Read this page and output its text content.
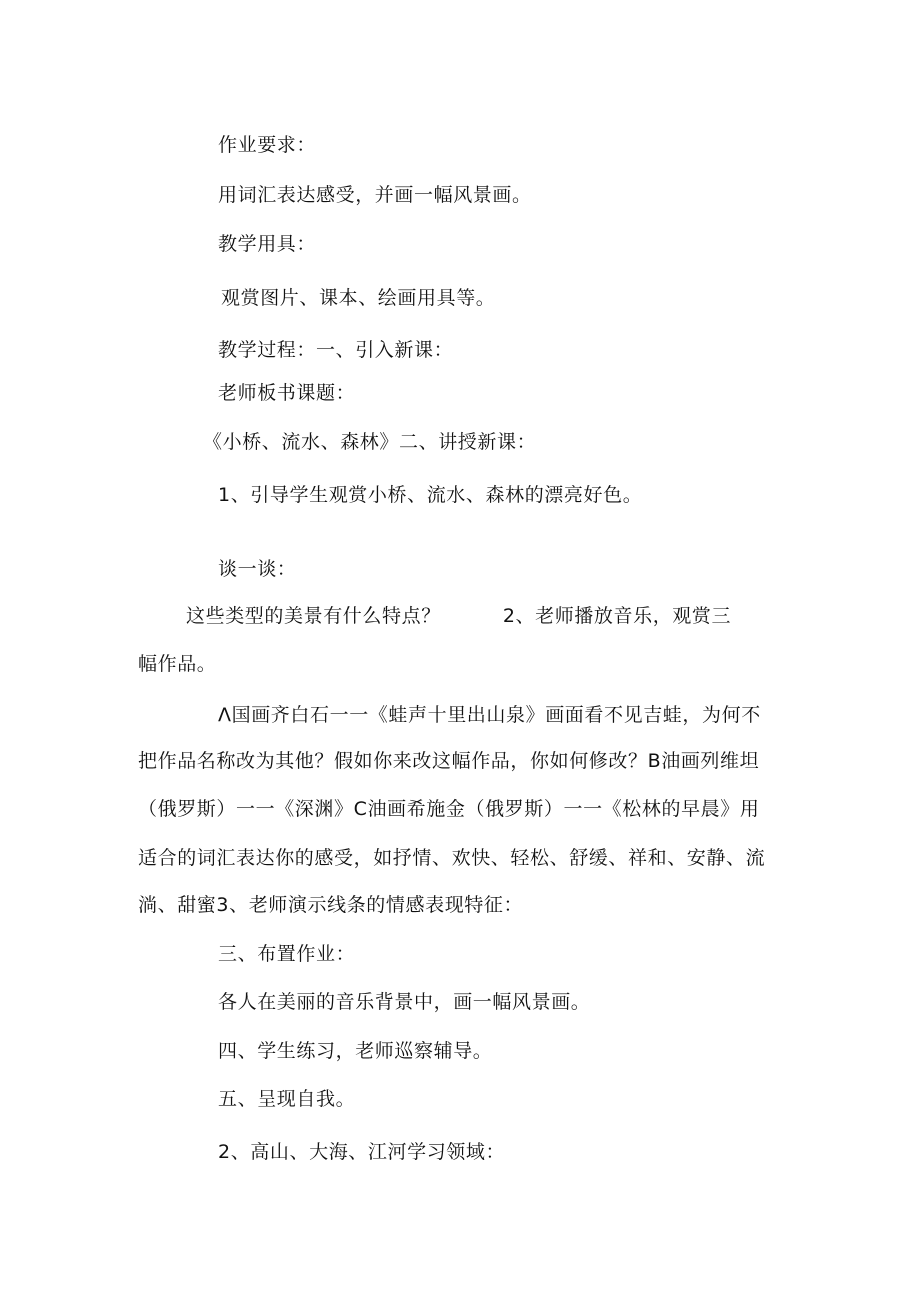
作业要求：
用词汇表达感受，并画一幅风景画。
教学用具：
观赏图片、课本、绘画用具等。
教学过程：一、引入新课：
老师板书课题：
《小桥、流水、森林》二、讲授新课：
1、引导学生观赏小桥、流水、森林的漂亮好色。
谈一谈：
这些类型的美景有什么特点？	2、老师播放音乐，观赏三
幅作品。
Λ国画齐白石一一《蛙声十里出山泉》画面看不见吉蛙，为何不
把作品名称改为其他？假如你来改这幅作品，你如何修改？B油画列维坦
（俄罗斯）一一《深渊》C油画希施金（俄罗斯）一一《松林的早晨》用
适合的词汇表达你的感受，如抒情、欢快、轻松、舒缓、祥和、安静、流
淌、甜蜜3、老师演示线条的情感表现特征：
三、布置作业：
各人在美丽的音乐背景中，画一幅风景画。
四、学生练习，老师巡察辅导。
五、呈现自我。
2、高山、大海、江河学习领域：
